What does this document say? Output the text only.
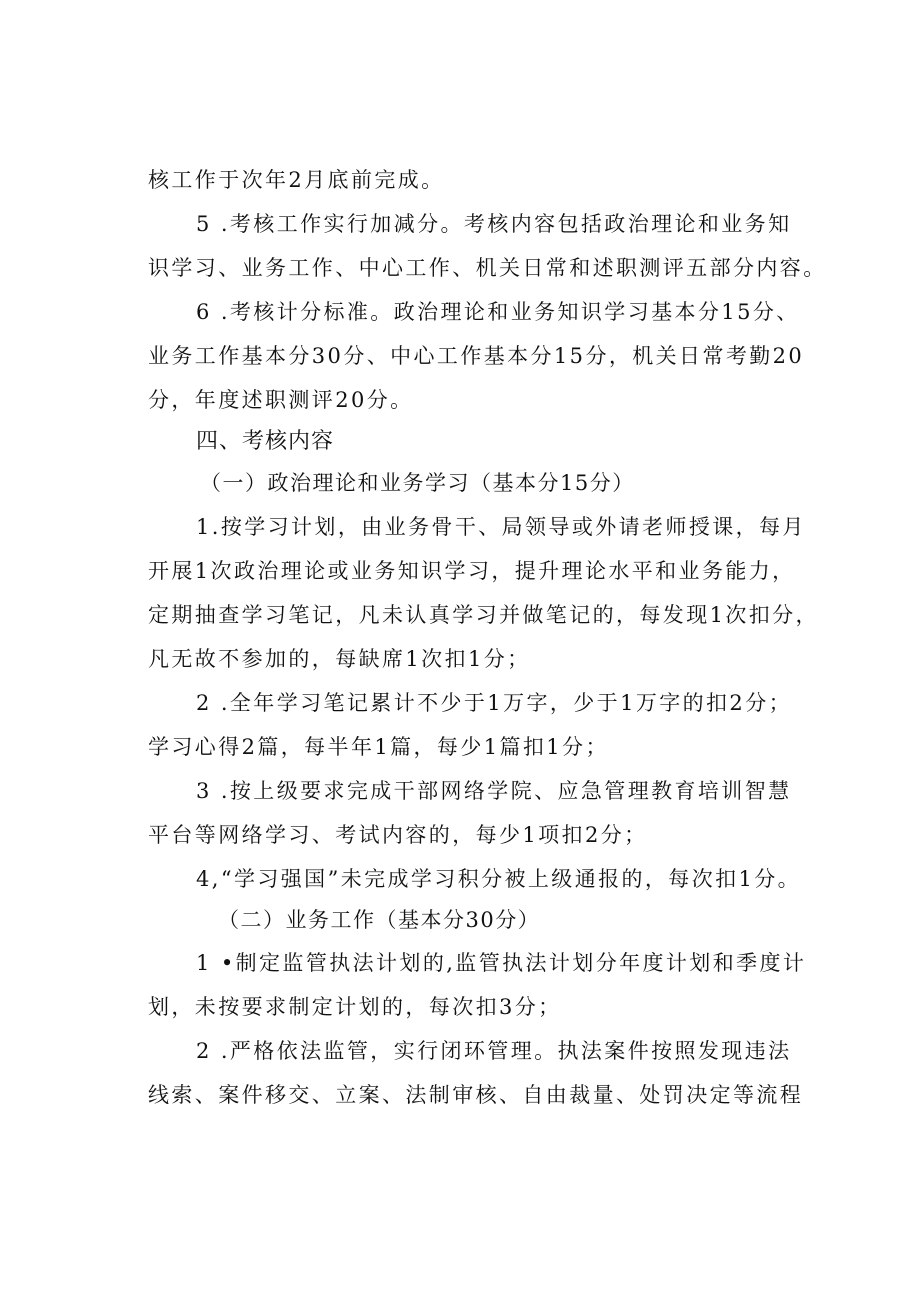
核工作于次年2月底前完成。
5 .考核工作实行加减分。考核内容包括政治理论和业务知
识学习、业务工作、中心工作、机关日常和述职测评五部分内容。
6 .考核计分标准。政治理论和业务知识学习基本分15分、
业务工作基本分30分、中心工作基本分15分，机关日常考勤20
分，年度述职测评20分。
四、考核内容
（一）政治理论和业务学习（基本分15分）
1.按学习计划，由业务骨干、局领导或外请老师授课，每月
开展1次政治理论或业务知识学习，提升理论水平和业务能力，
定期抽查学习笔记，凡未认真学习并做笔记的，每发现1次扣分，
凡无故不参加的，每缺席1次扣1分；
2 .全年学习笔记累计不少于1万字，少于1万字的扣2分；
学习心得2篇，每半年1篇，每少1篇扣1分；
3 .按上级要求完成干部网络学院、应急管理教育培训智慧
平台等网络学习、考试内容的，每少1项扣2分；
4,“学习强国”未完成学习积分被上级通报的，每次扣1分。
（二）业务工作（基本分30分）
1 •制定监管执法计划的,监管执法计划分年度计划和季度计
划，未按要求制定计划的，每次扣3分；
2 .严格依法监管，实行闭环管理。执法案件按照发现违法
线索、案件移交、立案、法制审核、自由裁量、处罚决定等流程
